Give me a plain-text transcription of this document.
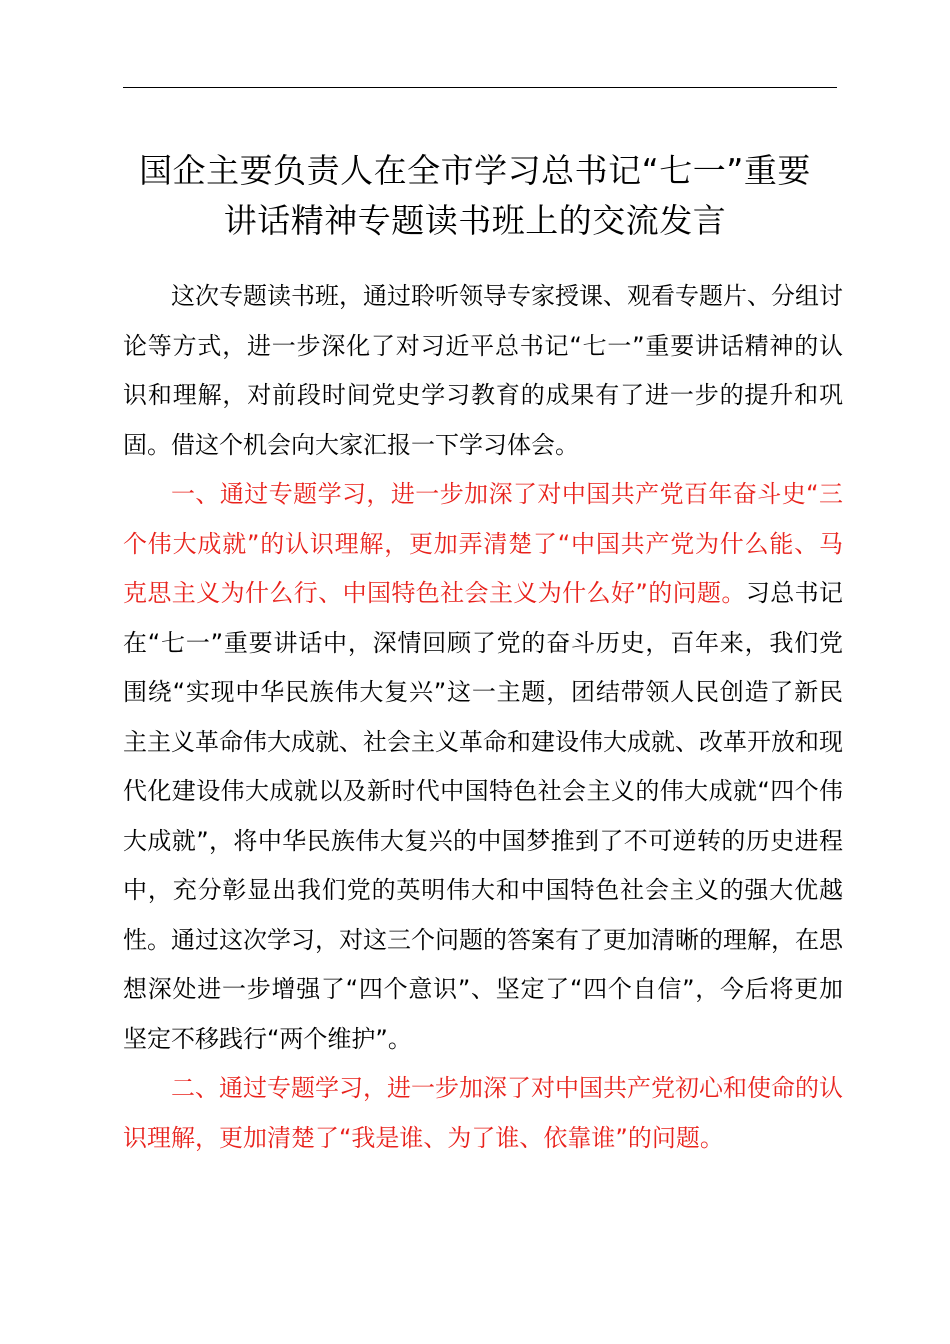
国企主要负责人在全市学习总书记“七一”重要
讲话精神专题读书班上的交流发言

这次专题读书班，通过聆听领导专家授课、观看专题片、分组讨论等方式，进一步深化了对习近平总书记“七一”重要讲话精神的认识和理解，对前段时间党史学习教育的成果有了进一步的提升和巩固。借这个机会向大家汇报一下学习体会。

一、通过专题学习，进一步加深了对中国共产党百年奋斗史“三个伟大成就”的认识理解，更加弄清楚了“中国共产党为什么能、马克思主义为什么行、中国特色社会主义为什么好”的问题。习总书记在“七一”重要讲话中，深情回顾了党的奋斗历史，百年来，我们党围绕“实现中华民族伟大复兴”这一主题，团结带领人民创造了新民主主义革命伟大成就、社会主义革命和建设伟大成就、改革开放和现代化建设伟大成就以及新时代中国特色社会主义的伟大成就“四个伟大成就”，将中华民族伟大复兴的中国梦推到了不可逆转的历史进程中，充分彰显出我们党的英明伟大和中国特色社会主义的强大优越性。通过这次学习，对这三个问题的答案有了更加清晰的理解，在思想深处进一步增强了“四个意识”、坚定了“四个自信”，今后将更加坚定不移践行“两个维护”。

二、通过专题学习，进一步加深了对中国共产党初心和使命的认识理解，更加清楚了“我是谁、为了谁、依靠谁”的问题。
